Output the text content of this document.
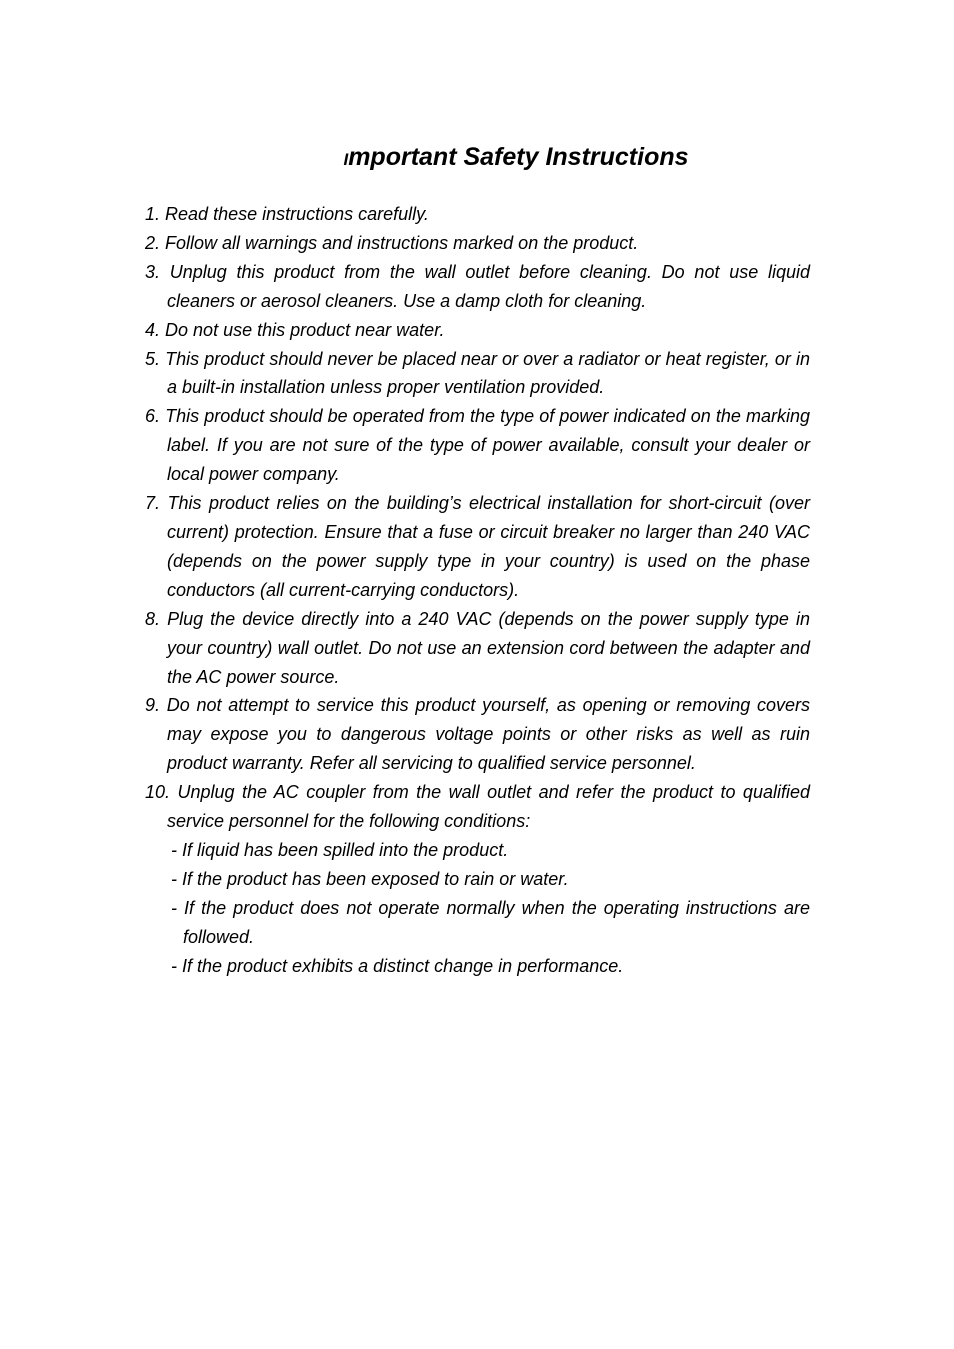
Important Safety Instructions
1. Read these instructions carefully.
2. Follow all warnings and instructions marked on the product.
3. Unplug this product from the wall outlet before cleaning. Do not use liquid cleaners or aerosol cleaners. Use a damp cloth for cleaning.
4. Do not use this product near water.
5. This product should never be placed near or over a radiator or heat register, or in a built-in installation unless proper ventilation provided.
6. This product should be operated from the type of power indicated on the marking label. If you are not sure of the type of power available, consult your dealer or local power company.
7. This product relies on the building’s electrical installation for short-circuit (over current) protection. Ensure that a fuse or circuit breaker no larger than 240 VAC (depends on the power supply type in your country) is used on the phase conductors (all current-carrying conductors).
8. Plug the device directly into a 240 VAC (depends on the power supply type in your country) wall outlet. Do not use an extension cord between the adapter and the AC power source.
9. Do not attempt to service this product yourself, as opening or removing covers may expose you to dangerous voltage points or other risks as well as ruin product warranty. Refer all servicing to qualified service personnel.
10. Unplug the AC coupler from the wall outlet and refer the product to qualified service personnel for the following conditions:
- If liquid has been spilled into the product.
- If the product has been exposed to rain or water.
- If the product does not operate normally when the operating instructions are followed.
- If the product exhibits a distinct change in performance.
